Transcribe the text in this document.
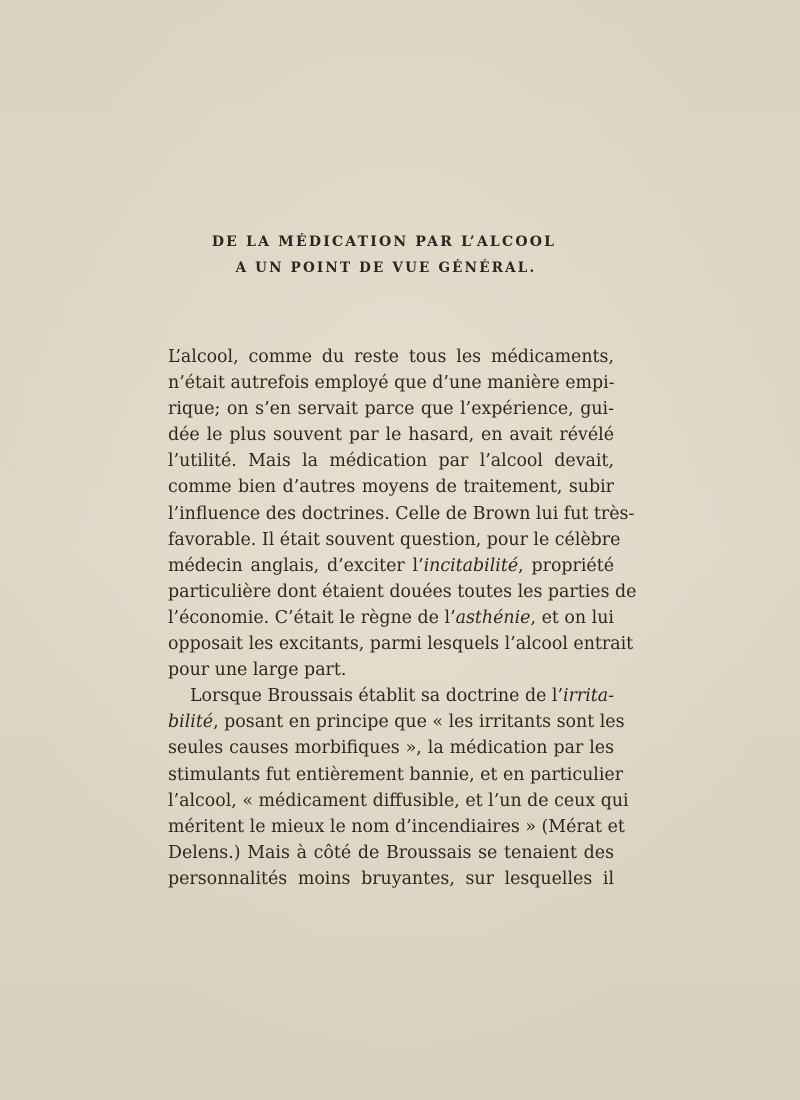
DE LA MÉDICATION PAR L’ALCOOL
A UN POINT DE VUE GÉNÉRAL.
L’alcool, comme du reste tous les médicaments,
n’était autrefois employé que d’une manière empi-
rique; on s’en servait parce que l’expérience, gui-
dée le plus souvent par le hasard, en avait révélé
l’utilité. Mais la médication par l’alcool devait,
comme bien d’autres moyens de traitement, subir
l’influence des doctrines. Celle de Brown lui fut très-
favorable. Il était souvent question, pour le célèbre
médecin anglais, d’exciter l’incitabilité, propriété
particulière dont étaient douées toutes les parties de
l’économie. C’était le règne de l’asthénie, et on lui
opposait les excitants, parmi lesquels l’alcool entrait
pour une large part.
Lorsque Broussais établit sa doctrine de l’irrita-
bilité, posant en principe que « les irritants sont les
seules causes morbifiques », la médication par les
stimulants fut entièrement bannie, et en particulier
l’alcool, « médicament diffusible, et l’un de ceux qui
méritent le mieux le nom d’incendiaires » (Mérat et
Delens.) Mais à côté de Broussais se tenaient des
personnalités moins bruyantes, sur lesquelles il
